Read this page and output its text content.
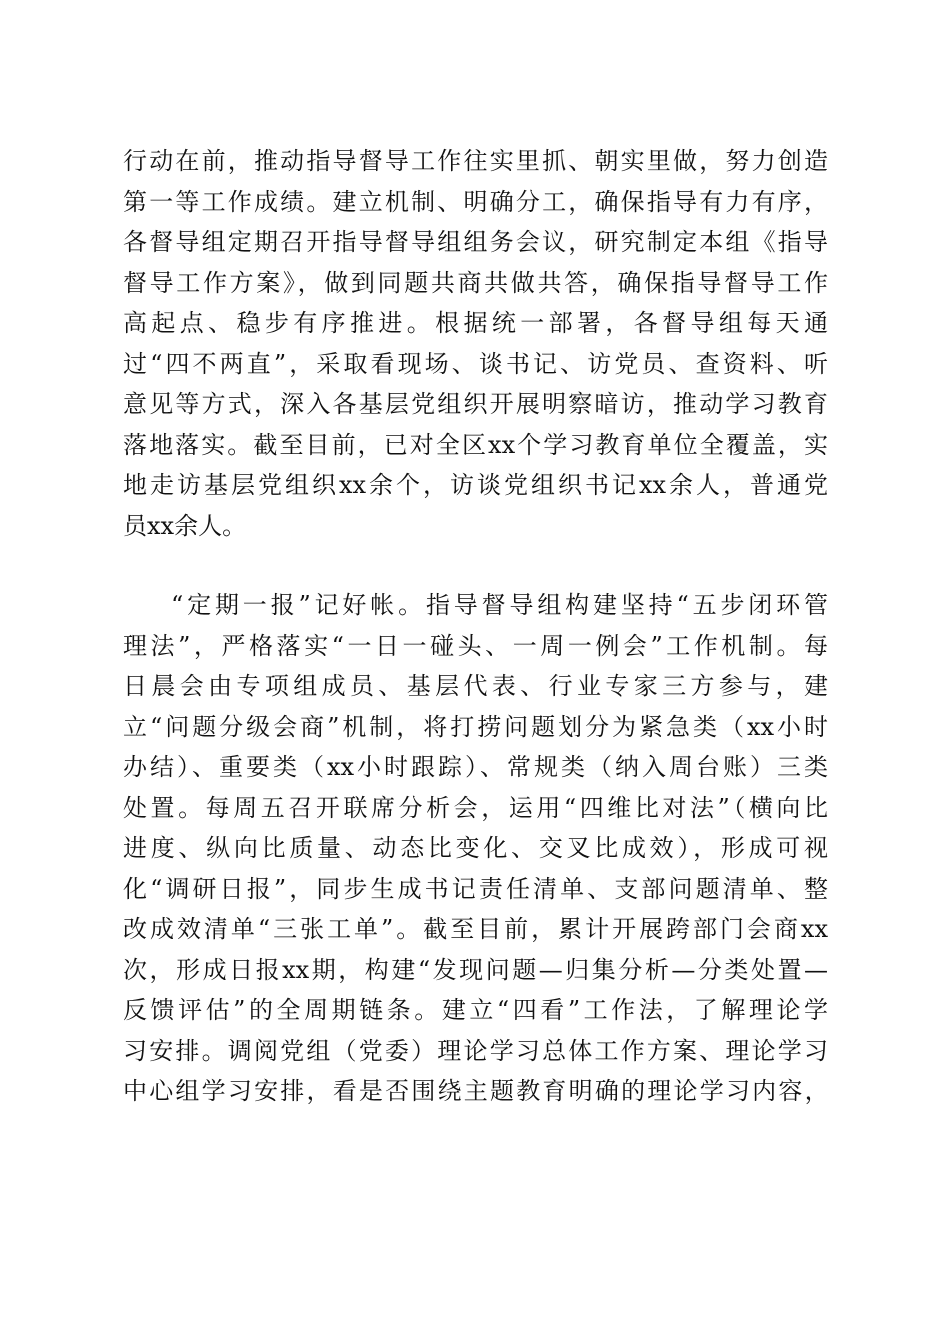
行动在前，推动指导督导工作往实里抓、朝实里做，努力创造
第一等工作成绩。建立机制、明确分工，确保指导有力有序，
各督导组定期召开指导督导组组务会议，研究制定本组《指导
督导工作方案》，做到同题共商共做共答，确保指导督导工作
高起点、稳步有序推进。根据统一部署，各督导组每天通
过“四不两直”，采取看现场、谈书记、访党员、查资料、听
意见等方式，深入各基层党组织开展明察暗访，推动学习教育
落地落实。截至目前，已对全区xx个学习教育单位全覆盖，实
地走访基层党组织xx余个，访谈党组织书记xx余人，普通党
员xx余人。
“定期一报”记好帐。指导督导组构建坚持“五步闭环管
理法”，严格落实“一日一碰头、一周一例会”工作机制。每
日晨会由专项组成员、基层代表、行业专家三方参与，建
立“问题分级会商”机制，将打捞问题划分为紧急类（xx小时
办结）、重要类（xx小时跟踪）、常规类（纳入周台账）三类
处置。每周五召开联席分析会，运用“四维比对法”（横向比
进度、纵向比质量、动态比变化、交叉比成效），形成可视
化“调研日报”，同步生成书记责任清单、支部问题清单、整
改成效清单“三张工单”。截至目前，累计开展跨部门会商xx
次，形成日报xx期，构建“发现问题—归集分析—分类处置—
反馈评估”的全周期链条。建立“四看”工作法，了解理论学
习安排。调阅党组（党委）理论学习总体工作方案、理论学习
中心组学习安排，看是否围绕主题教育明确的理论学习内容，
